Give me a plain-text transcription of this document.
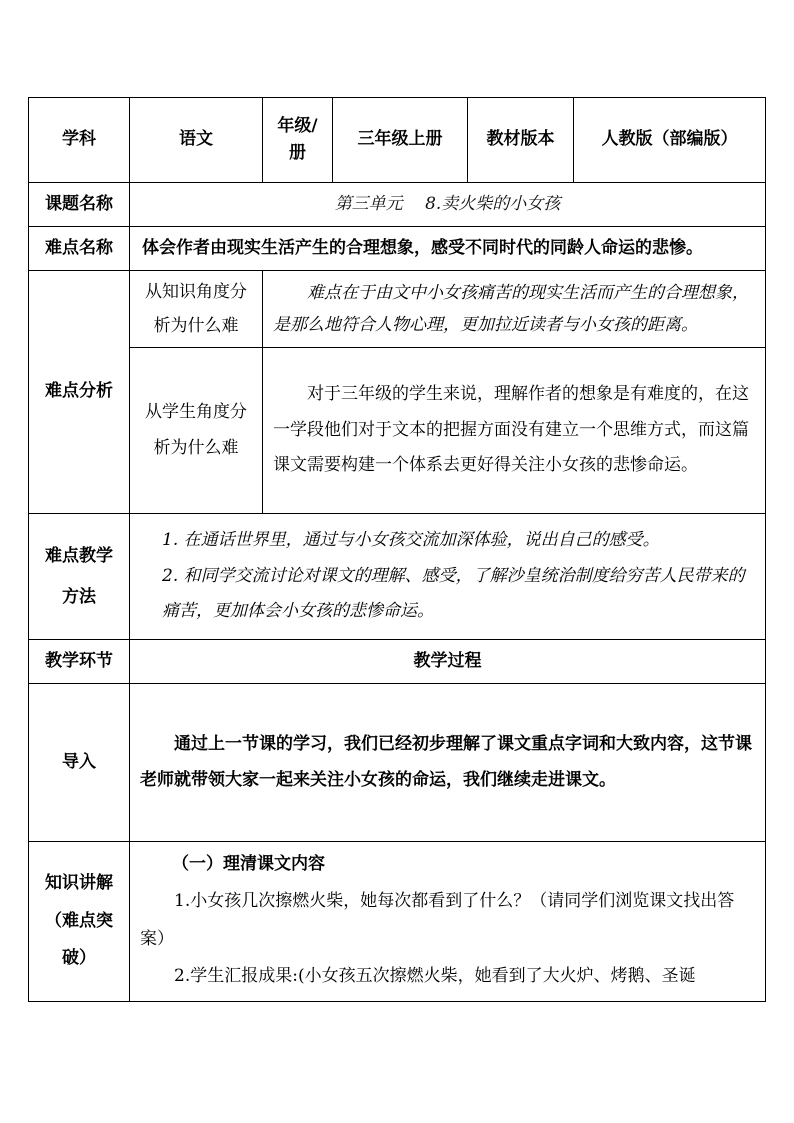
学科	语文	年级/册	三年级上册	教材版本	人教版（部编版）
课题名称	第三单元　 8.卖火柴的小女孩				
难点名称	体会作者由现实生活产生的合理想象，感受不同时代的同龄人命运的悲惨。				
难点分析	从知识角度分析为什么难	难点在于由文中小女孩痛苦的现实生活而产生的合理想象，是那么地符合人物心理，更加拉近读者与小女孩的距离。			
	从学生角度分析为什么难	对于三年级的学生来说，理解作者的想象是有难度的，在这一学段他们对于文本的把握方面没有建立一个思维方式，而这篇课文需要构建一个体系去更好得关注小女孩的悲惨命运。			
难点教学方法	1. 在通话世界里，通过与小女孩交流加深体验，说出自己的感受。
2. 和同学交流讨论对课文的理解、感受，了解沙皇统治制度给穷苦人民带来的痛苦，更加体会小女孩的悲惨命运。				

教学环节	教学过程				
导入	通过上一节课的学习，我们已经初步理解了课文重点字词和大致内容，这节课老师就带领大家一起来关注小女孩的命运，我们继续走进课文。				
知识讲解（难点突破）	（一）理清课文内容
1.小女孩几次擦燃火柴，她每次都看到了什么？（请同学们浏览课文找出答案）
2.学生汇报成果:(小女孩五次擦燃火柴，她看到了大火炉、烤鹅、圣诞				
